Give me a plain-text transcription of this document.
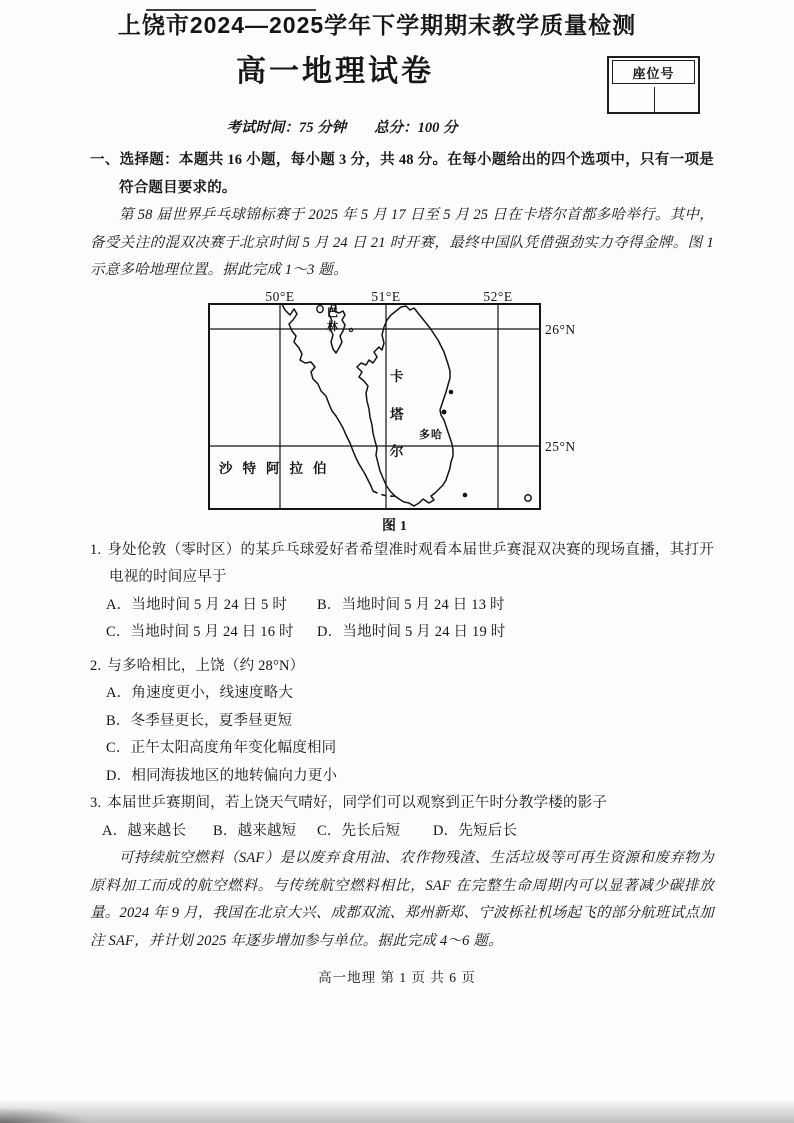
上饶市2024—2025学年下学期期末教学质量检测
高一地理试卷	座位号
考试时间：75 分钟 总分：100 分

一、选择题：本题共 16 小题，每小题 3 分，共 48 分。在每小题给出的四个选项中，只有一项是符合题目要求的。

第 58 届世界乒乓球锦标赛于 2025 年 5 月 17 日至 5 月 25 日在卡塔尔首都多哈举行。其中，备受关注的混双决赛于北京时间 5 月 24 日 21 时开赛，最终中国队凭借强劲实力夺得金牌。图 1 示意多哈地理位置。据此完成 1～3 题。

50°E	51°E	52°E
26°N
25°N
巴林
卡
塔
尔
多哈
沙特阿拉伯
图 1

1. 身处伦敦（零时区）的某乒乓球爱好者希望准时观看本届世乒赛混双决赛的现场直播，其打开电视的时间应早于

A．当地时间 5 月 24 日 5 时	B．当地时间 5 月 24 日 13 时
C．当地时间 5 月 24 日 16 时	D．当地时间 5 月 24 日 19 时

2. 与多哈相比，上饶（约 28°N）

A．角速度更小，线速度略大
B．冬季昼更长，夏季昼更短
C．正午太阳高度角年变化幅度相同
D．相同海拔地区的地转偏向力更小

3. 本届世乒赛期间，若上饶天气晴好，同学们可以观察到正午时分教学楼的影子

A．越来越长	B．越来越短	C．先长后短	D．先短后长

可持续航空燃料（SAF）是以废弃食用油、农作物残渣、生活垃圾等可再生资源和废弃物为原料加工而成的航空燃料。与传统航空燃料相比，SAF 在完整生命周期内可以显著减少碳排放量。2024 年 9 月，我国在北京大兴、成都双流、郑州新郑、宁波栎社机场起飞的部分航班试点加注 SAF，并计划 2025 年逐步增加参与单位。据此完成 4～6 题。

高一地理 第 1 页 共 6 页
